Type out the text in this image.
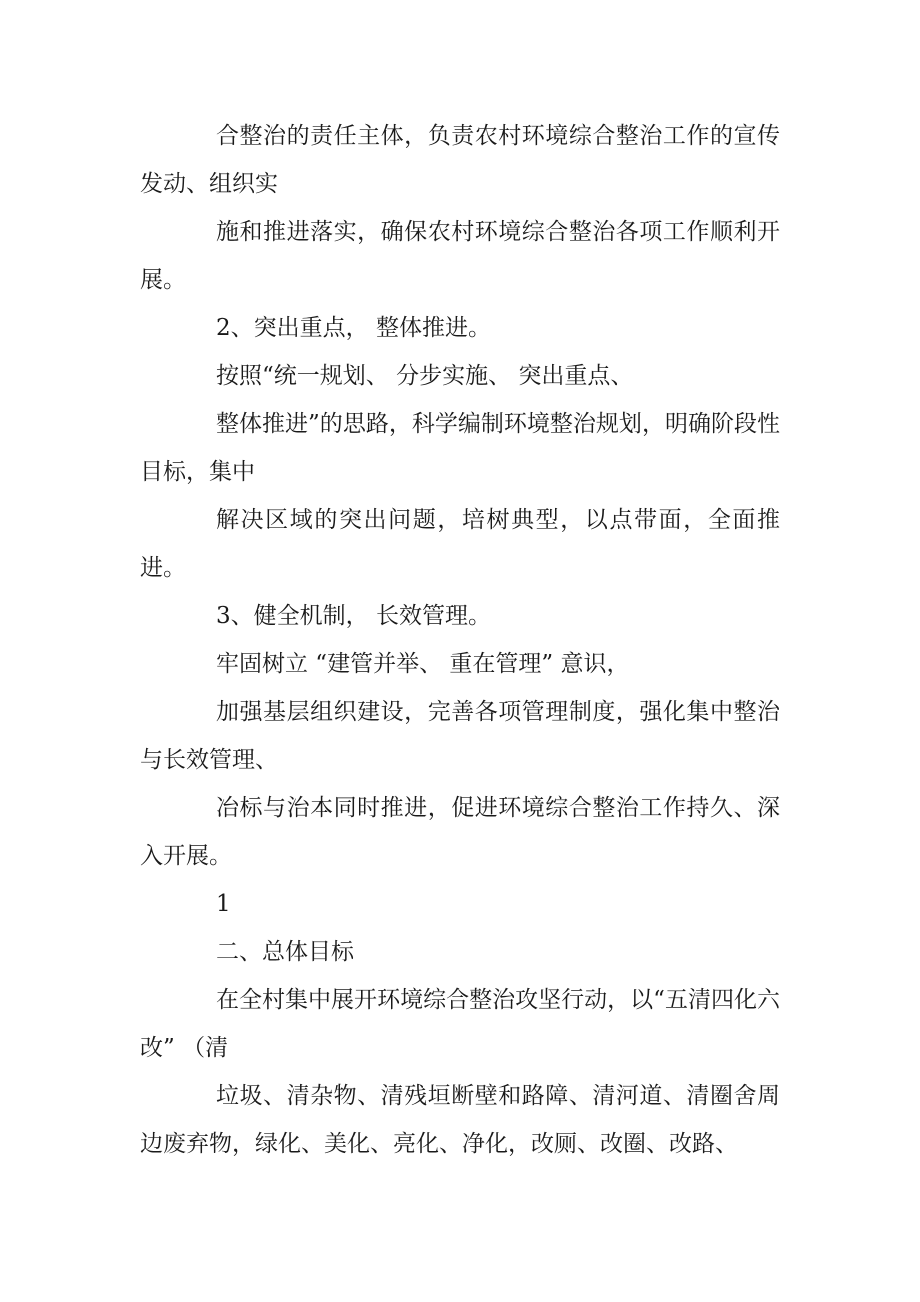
合整治的责任主体，负责农村环境综合整治工作的宣传发动、组织实

施和推进落实，确保农村环境综合整治各项工作顺利开展。

2、突出重点， 整体推进。

按照“统一规划、 分步实施、 突出重点、

整体推进”的思路，科学编制环境整治规划，明确阶段性目标，集中

解决区域的突出问题，培树典型，以点带面，全面推进。

3、健全机制， 长效管理。

牢固树立 “建管并举、 重在管理” 意识，

加强基层组织建设，完善各项管理制度，强化集中整治与长效管理、

冶标与治本同时推进，促进环境综合整治工作持久、深入开展。

1

二、总体目标

在全村集中展开环境综合整治攻坚行动，以“五清四化六改” （清

垃圾、清杂物、清残垣断壁和路障、清河道、清圈舍周边废弃物，绿化、美化、亮化、净化，改厕、改圈、改路、
